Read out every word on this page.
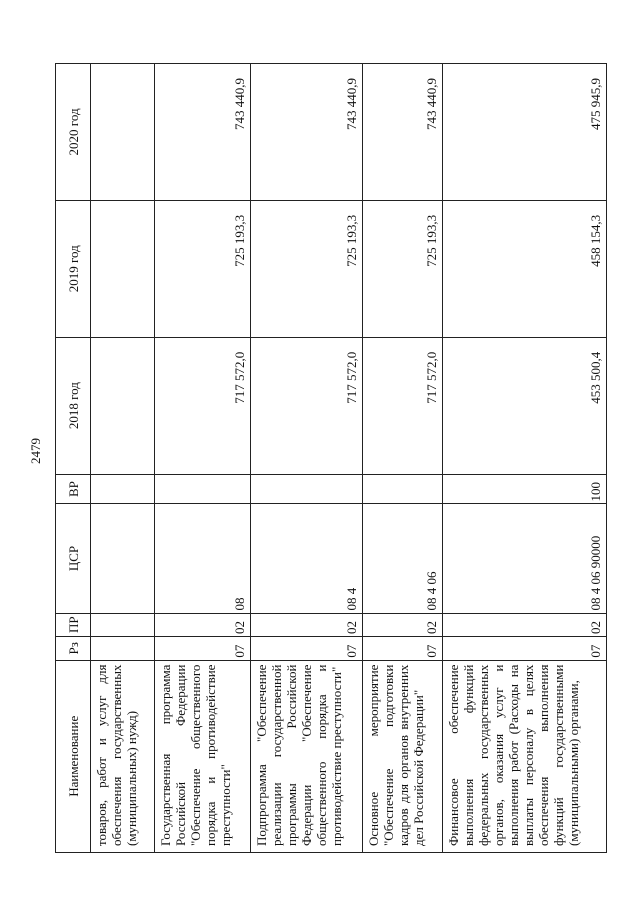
2479
Наименование	Рз	ПР	ЦСР	ВР	2018 год	2019 год	2020 год
товаров, работ и услуг для обеспечения государственных (муниципальных) нужд)							
Государственная программа Российской Федерации "Обеспечение общественного порядка и противодействие преступности"	07	02	08		717 572,0	725 193,3	743 440,9
Подпрограмма "Обеспечение реализации государственной программы Российской Федерации "Обеспечение общественного порядка и противодействие преступности"	07	02	08 4		717 572,0	725 193,3	743 440,9
Основное мероприятие "Обеспечение подготовки кадров для органов внутренних дел Российской Федерации"	07	02	08 4 06		717 572,0	725 193,3	743 440,9
Финансовое обеспечение выполнения функций федеральных государственных органов, оказания услуг и выполнения работ (Расходы на выплаты персоналу в целях обеспечения выполнения функций государственными (муниципальными) органами,	07	02	08 4 06 90000	100	453 500,4	458 154,3	475 945,9
